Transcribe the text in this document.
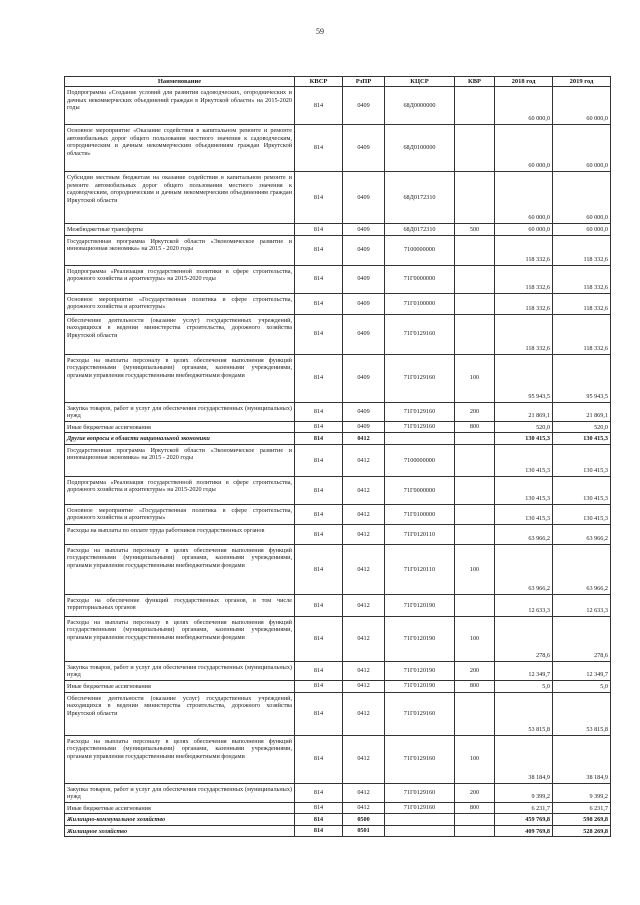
59
Наименование	КВСР	РзПР	КЦСР	КВР	2018 год	2019 год
Подпрограмма «Создание условий для развития садоводческих, огороднических и дачных некоммерческих объединений граждан в Иркутской области» на 2015-2020 годы	814	0409	68Д0000000		60 000,0	60 000,0
Основное мероприятие «Оказание содействия в капитальном ремонте и ремонте автомобильных дорог общего пользования местного значения к садоводческим, огородническим и дачным некоммерческим объединениям граждан Иркутской области»	814	0409	68Д0100000		60 000,0	60 000,0
Субсидии местным бюджетам на оказание содействия в капитальном ремонте и ремонте автомобильных дорог общего пользования местного значения к садоводческим, огородническим и дачным некоммерческим объединениям граждан Иркутской области	814	0409	68Д0172310		60 000,0	60 000,0
Межбюджетные трансферты	814	0409	68Д0172310	500	60 000,0	60 000,0
Государственная программа Иркутской области «Экономическое развитие и инновационная экономика» на 2015 - 2020 годы	814	0409	7100000000		118 332,6	118 332,6
Подпрограмма «Реализация государственной политики в сфере строительства, дорожного хозяйства и архитектуры» на 2015-2020 годы	814	0409	71Г0000000		118 332,6	118 332,6
Основное мероприятие «Государственная политика в сфере строительства, дорожного хозяйства и архитектуры»	814	0409	71Г0100000		118 332,6	118 332,6
Обеспечение деятельности (оказание услуг) государственных учреждений, находящихся в ведении министерства строительства, дорожного хозяйства Иркутской области	814	0409	71Г0129160		118 332,6	118 332,6
Расходы на выплаты персоналу в целях обеспечения выполнения функций государственными (муниципальными) органами, казенными учреждениями, органами управления государственными внебюджетными фондами	814	0409	71Г0129160	100	95 943,5	95 943,5
Закупка товаров, работ и услуг для обеспечения государственных (муниципальных) нужд	814	0409	71Г0129160	200	21 869,1	21 869,1
Иные бюджетные ассигнования	814	0409	71Г0129160	800	520,0	520,0
Другие вопросы в области национальной экономики	814	0412			130 415,3	130 415,3
Государственная программа Иркутской области «Экономическое развитие и инновационная экономика» на 2015 - 2020 годы	814	0412	7100000000		130 415,3	130 415,3
Подпрограмма «Реализация государственной политики в сфере строительства, дорожного хозяйства и архитектуры» на 2015-2020 годы	814	0412	71Г0000000		130 415,3	130 415,3
Основное мероприятие «Государственная политика в сфере строительства, дорожного хозяйства и архитектуры»	814	0412	71Г0100000		130 415,3	130 415,3
Расходы на выплаты по оплате труда работников государственных органов	814	0412	71Г0120110		63 966,2	63 966,2
Расходы на выплаты персоналу в целях обеспечения выполнения функций государственными (муниципальными) органами, казенными учреждениями, органами управления государственными внебюджетными фондами	814	0412	71Г0120110	100	63 966,2	63 966,2
Расходы на обеспечение функций государственных органов, в том числе территориальных органов	814	0412	71Г0120190		12 633,3	12 633,3
Расходы на выплаты персоналу в целях обеспечения выполнения функций государственными (муниципальными) органами, казенными учреждениями, органами управления государственными внебюджетными фондами	814	0412	71Г0120190	100	278,6	278,6
Закупка товаров, работ и услуг для обеспечения государственных (муниципальных) нужд	814	0412	71Г0120190	200	12 349,7	12 349,7
Иные бюджетные ассигнования	814	0412	71Г0120190	800	5,0	5,0
Обеспечение деятельности (оказание услуг) государственных учреждений, находящихся в ведении министерства строительства, дорожного хозяйства Иркутской области	814	0412	71Г0129160		53 815,8	53 815,8
Расходы на выплаты персоналу в целях обеспечения выполнения функций государственными (муниципальными) органами, казенными учреждениями, органами управления государственными внебюджетными фондами	814	0412	71Г0129160	100	38 184,9	38 184,9
Закупка товаров, работ и услуг для обеспечения государственных (муниципальных) нужд	814	0412	71Г0129160	200	9 399,2	9 399,2
Иные бюджетные ассигнования	814	0412	71Г0129160	800	6 231,7	6 231,7
Жилищно-коммунальное хозяйство	814	0500			459 769,8	598 269,8
Жилищное хозяйство	814	0501			409 769,8	528 269,8
